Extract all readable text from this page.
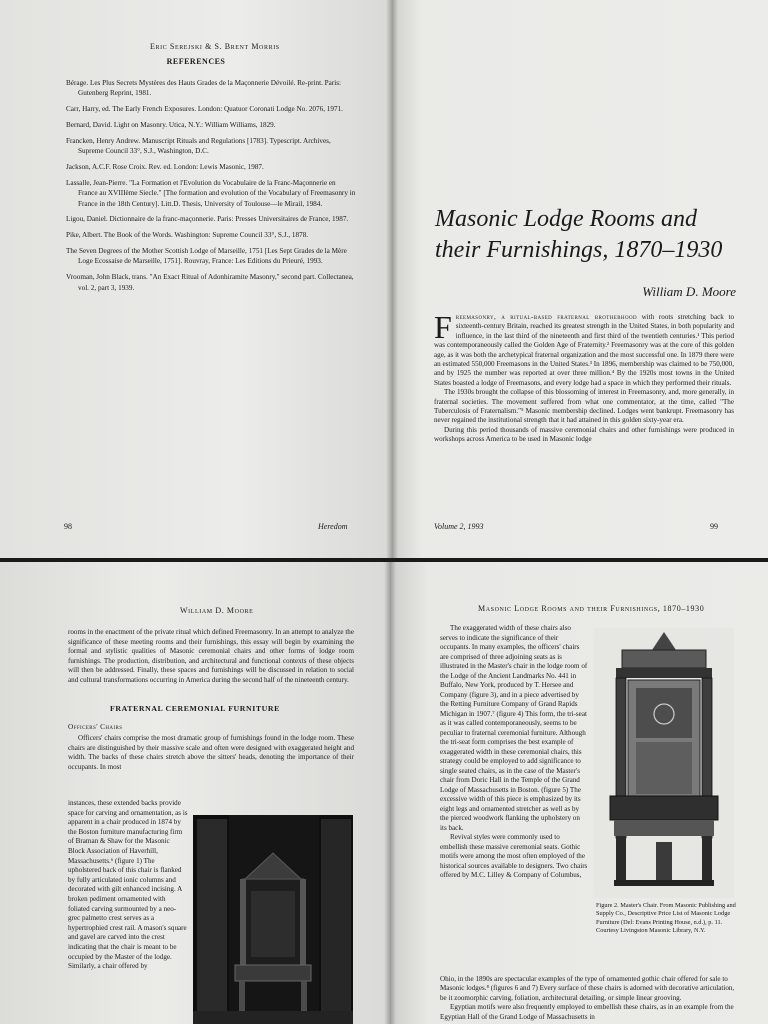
Eric Serejski & S. Brent Morris
REFERENCES

Bérage. Les Plus Secrets Mystères des Hauts Grades de la Maçonnerie Dévoilé. Re-print. Paris: Gutenberg Reprint, 1981.

Carr, Harry, ed. The Early French Exposures. London: Quatuor Coronati Lodge No. 2076, 1971.

Bernard, David. Light on Masonry. Utica, N.Y.: William Williams, 1829.

Francken, Henry Andrew. Manuscript Rituals and Regulations [1783]. Typescript. Archives, Supreme Council 33°, S.J., Washington, D.C.

Jackson, A.C.F. Rose Croix. Rev. ed. London: Lewis Masonic, 1987.

Lassalle, Jean-Pierre. "La Formation et l'Evolution du Vocabulaire de la Franc-Maçonnerie en France au XVIIIème Siecle." [The formation and evolution of the Vocabulary of Freemasonry in France in the 18th Century]. Litt.D. Thesis, University of Toulouse—le Mirail, 1984.

Ligou, Daniel. Dictionnaire de la franc-maçonnerie. Paris: Presses Universitaires de France, 1987.

Pike, Albert. The Book of the Words. Washington: Supreme Council 33°, S.J., 1878.

The Seven Degrees of the Mother Scottish Lodge of Marseille, 1751 [Les Sept Grades de la Mère Loge Ecossaise de Marseille, 1751]. Rouvray, France: Les Editions du Prieuré, 1993.

Vrooman, John Black, trans. "An Exact Ritual of Adonhiramite Masonry," second part. Collectanea, vol. 2, part 3, 1939.

98	Heredom
Masonic Lodge Rooms and
their Furnishings, 1870–1930
William D. Moore

Freemasonry, a ritual-based fraternal brotherhood with roots stretching back to sixteenth-century Britain, reached its greatest strength in the United States, in both popularity and influence, in the last third of the nineteenth and first third of the twentieth centuries.¹ This period was contemporaneously called the Golden Age of Fraternity.² Freemasonry was at the core of this golden age, as it was both the archetypical fraternal organization and the most successful one. In 1879 there were an estimated 550,000 Freemasons in the United States.³ In 1896, membership was claimed to be 750,000, and by 1925 the number was reported at over three million.⁴ By the 1920s most towns in the United States boasted a lodge of Freemasons, and every lodge had a space in which they performed their rituals.

The 1930s brought the collapse of this blossoming of interest in Freemasonry, and, more generally, in fraternal societies. The movement suffered from what one commentator, at the time, called "The Tuberculosis of Fraternalism."⁵ Masonic membership declined. Lodges went bankrupt. Freemasonry has never regained the institutional strength that it had attained in this golden sixty-year era.

During this period thousands of massive ceremonial chairs and other furnishings were produced in workshops across America to be used in Masonic lodge

Volume 2, 1993	99
William D. Moore

rooms in the enactment of the private ritual which defined Freemasonry. In an attempt to analyze the significance of these meeting rooms and their furnishings, this essay will begin by examining the formal and stylistic qualities of Masonic ceremonial chairs and other forms of lodge room furnishings. The production, distribution, and architectural and functional contexts of these objects will then be addressed. Finally, these spaces and furnishings will be discussed in relation to social and cultural transformations occurring in America during the second half of the nineteenth century.

FRATERNAL CEREMONIAL FURNITURE
Officers' Chairs

Officers' chairs comprise the most dramatic group of furnishings found in the lodge room. These chairs are distinguished by their massive scale and often were designed with exaggerated height and width. The backs of these chairs stretch above the sitters' heads, denoting the importance of their occupants. In most

instances, these extended backs provide space for carving and ornamentation, as is apparent in a chair produced in 1874 by the Boston furniture manufacturing firm of Braman & Shaw for the Masonic Block Association of Haverhill, Massachusetts.⁶ (figure 1) The upholstered back of this chair is flanked by fully articulated ionic columns and decorated with gilt enhanced incising. A broken pediment ornamented with foliated carving surmounted by a neo-grec palmetto crest serves as a hypertrophied crest rail. A mason's square and gavel are carved into the crest indicating that the chair is meant to be occupied by the Master of the lodge. Similarly, a chair offered by
Masonic Lodge Rooms and their Furnishings, 1870–1930

The exaggerated width of these chairs also serves to indicate the significance of their occupants. In many examples, the officers' chairs are comprised of three adjoining seats as is illustrated in the Master's chair in the lodge room of the Lodge of the Ancient Landmarks No. 441 in Buffalo, New York, produced by T. Hersee and Company (figure 3), and in a piece advertised by the Retting Furniture Company of Grand Rapids Michigan in 1907.⁷ (figure 4) This form, the tri-seat as it was called contemporaneously, seems to be peculiar to fraternal ceremonial furniture. Although the tri-seat form comprises the best example of exaggerated width in these ceremonial chairs, this strategy could be employed to add significance to single seated chairs, as in the case of the Master's chair from Doric Hall in the Temple of the Grand Lodge of Massachusetts in Boston. (figure 5) The excessive width of this piece is emphasized by its eight legs and ornamented stretcher as well as by the pierced woodwork flanking the upholstery on its back.

Revival styles were commonly used to embellish these massive ceremonial seats. Gothic motifs were among the most often employed of the historical sources available to designers. Two chairs offered by M.C. Lilley & Company of Columbus,

Figure 2. Master's Chair. From Masonic Publishing and Supply Co., Descriptive Price List of Masonic Lodge Furniture (Del: Evans Printing House, n.d.), p. 11. Courtesy Livingston Masonic Library, N.Y.

Ohio, in the 1890s are spectacular examples of the type of ornamented gothic chair offered for sale to Masonic lodges.⁸ (figures 6 and 7) Every surface of these chairs is adorned with decorative articulation, be it zoomorphic carving, foliation, architectural detailing, or simple linear grooving.

Egyptian motifs were also frequently employed to embellish these chairs, as in an example from the Egyptian Hall of the Grand Lodge of Massachusetts in
